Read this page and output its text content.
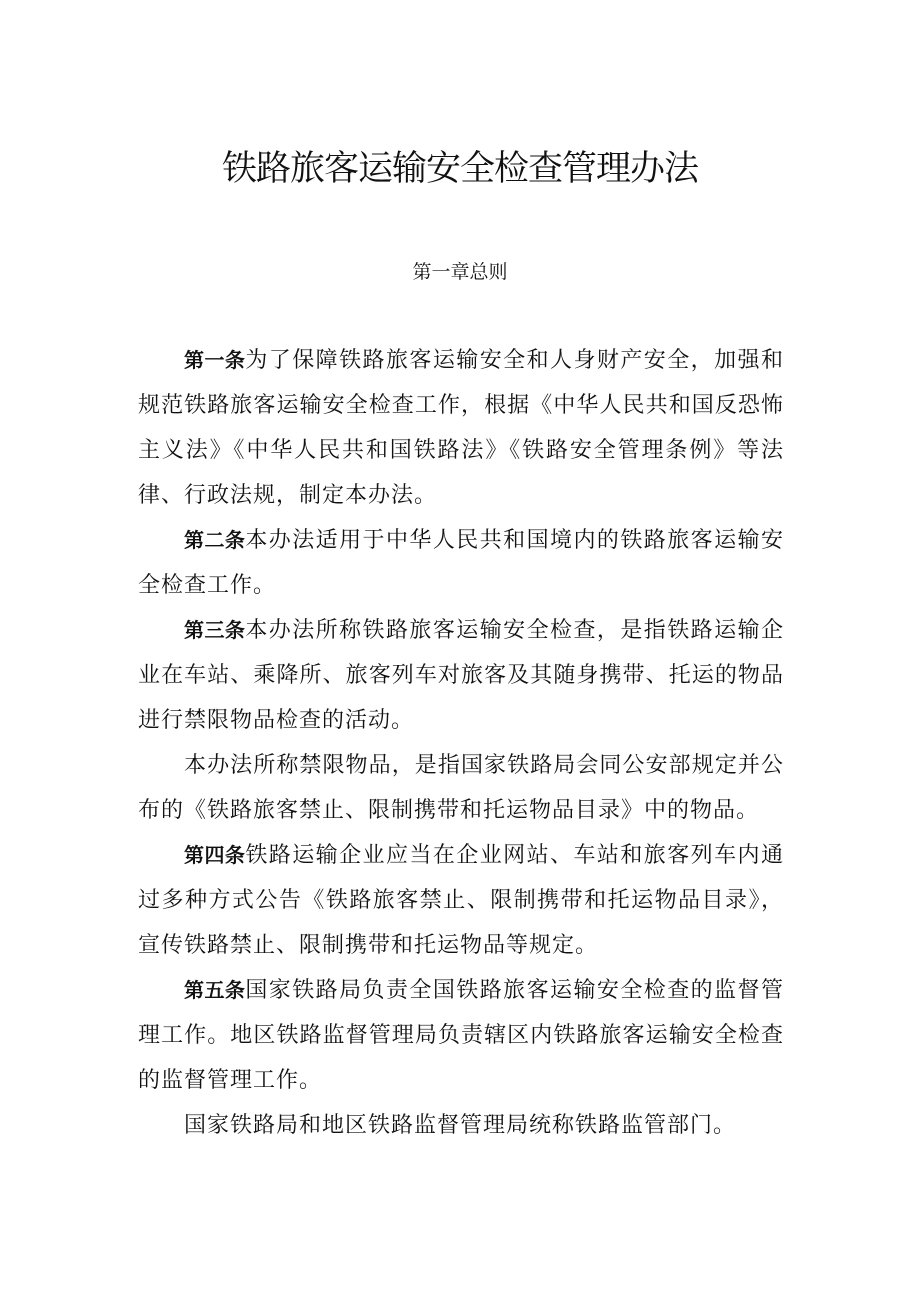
铁路旅客运输安全检查管理办法
第一章总则

第一条为了保障铁路旅客运输安全和人身财产安全，加强和规范铁路旅客运输安全检查工作，根据《中华人民共和国反恐怖主义法》《中华人民共和国铁路法》《铁路安全管理条例》等法律、行政法规，制定本办法。

第二条本办法适用于中华人民共和国境内的铁路旅客运输安全检查工作。

第三条本办法所称铁路旅客运输安全检查，是指铁路运输企业在车站、乘降所、旅客列车对旅客及其随身携带、托运的物品进行禁限物品检查的活动。

本办法所称禁限物品，是指国家铁路局会同公安部规定并公布的《铁路旅客禁止、限制携带和托运物品目录》中的物品。

第四条铁路运输企业应当在企业网站、车站和旅客列车内通过多种方式公告《铁路旅客禁止、限制携带和托运物品目录》，宣传铁路禁止、限制携带和托运物品等规定。

第五条国家铁路局负责全国铁路旅客运输安全检查的监督管理工作。地区铁路监督管理局负责辖区内铁路旅客运输安全检查的监督管理工作。

国家铁路局和地区铁路监督管理局统称铁路监管部门。
